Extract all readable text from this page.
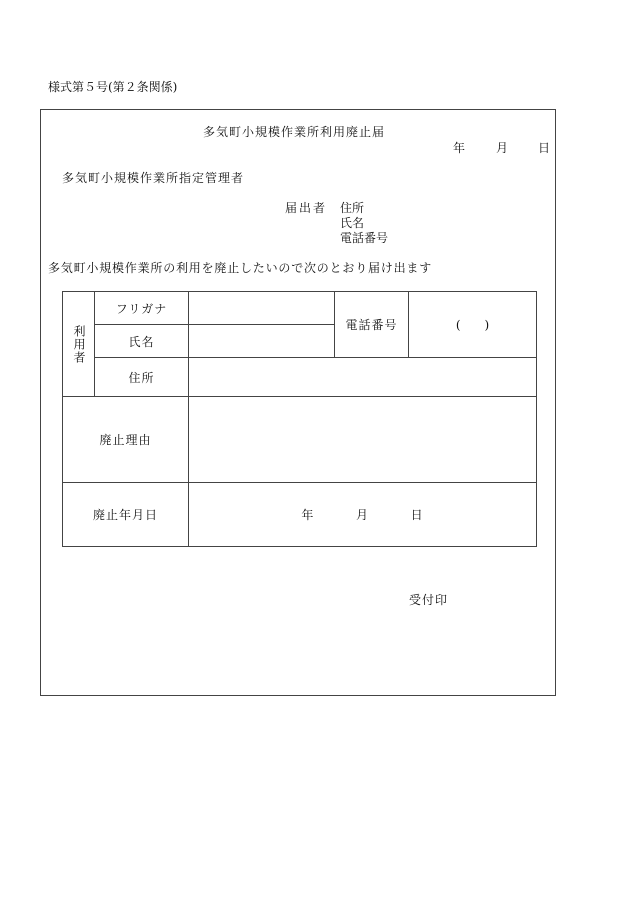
様式第５号(第２条関係)
多気町小規模作業所利用廃止届
年	月 日
多気町小規模作業所指定管理者
届出者 住所
氏名
電話番号
多気町小規模作業所の利用を廃止したいので次のとおり届け出ます
利用者	フリガナ		電話番号	(　　)
	氏名			
	住所			
廃止理由				
廃止年月日		年 月 日		
受付印
